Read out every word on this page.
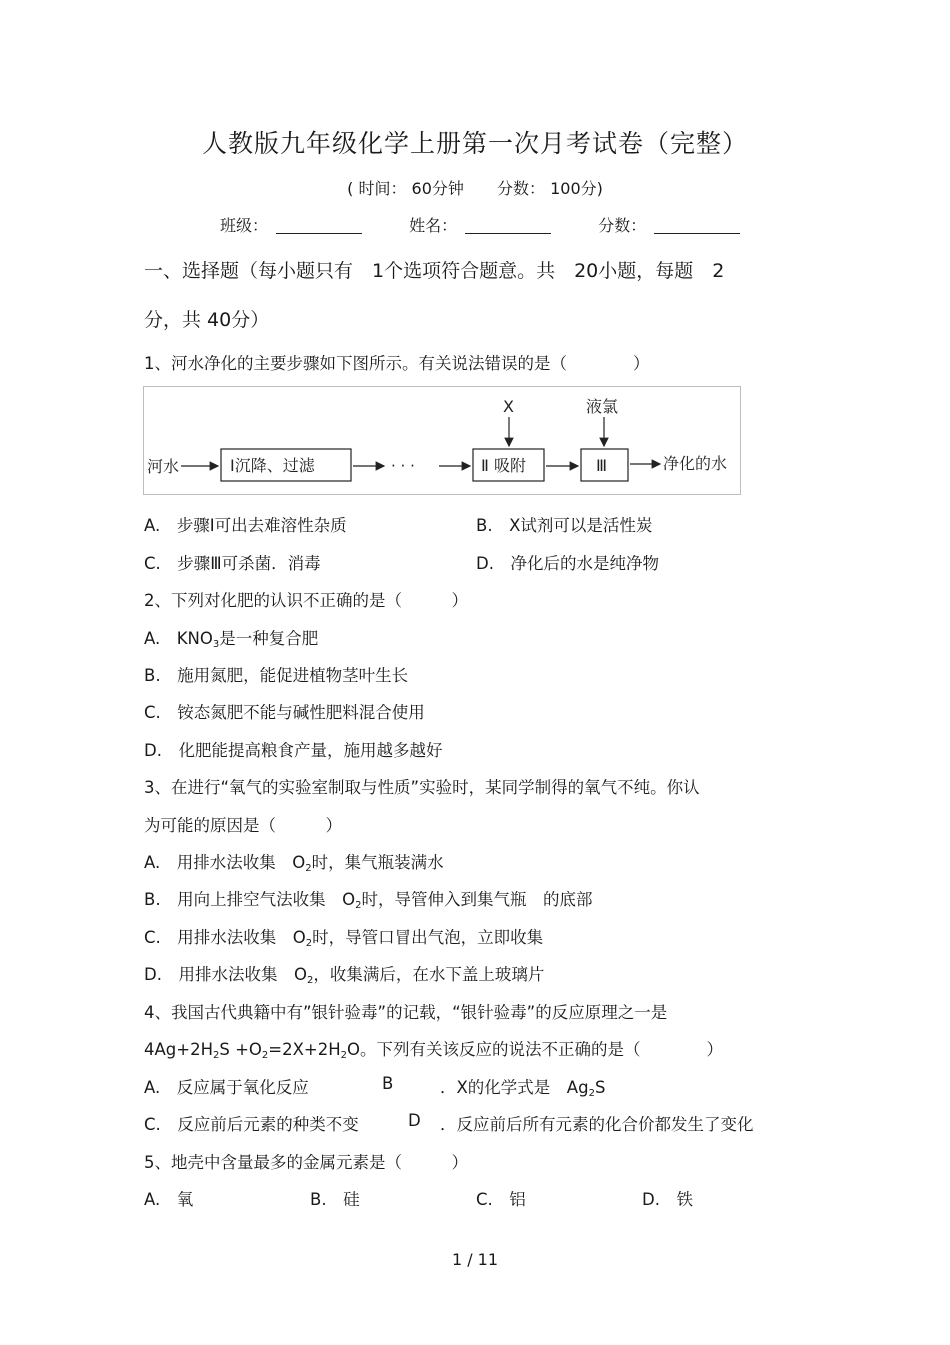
人教版九年级化学上册第一次月考试卷（完整）
( 时间： 60分钟 分数： 100分)
班级：	姓名：	分数：
一、选择题（每小题只有　1个选项符合题意。共　20小题，每题　2
分，共 40分）
1、河水净化的主要步骤如下图所示。有关说法错误的是（　　　　）
河水	Ⅰ沉降、过滤	· · ·	Ⅱ 吸附
X
Ⅲ
液氯
净化的水
A.　步骤Ⅰ可出去难溶性杂质	B.　X试剂可以是活性炭
C.　步骤Ⅲ可杀菌．消毒	D.　净化后的水是纯净物
2、下列对化肥的认识不正确的是（　　　）
A.　$KNO_3$是一种复合肥
B.　施用氮肥，能促进植物茎叶生长
C.　铵态氮肥不能与碱性肥料混合使用
D.　化肥能提高粮食产量，施用越多越好
3、在进行“氧气的实验室制取与性质”实验时，某同学制得的氧气不纯。你认
为可能的原因是（　　　）
A.　用排水法收集　$O_2$时，集气瓶装满水
B.　用向上排空气法收集　$O_2$时，导管伸入到集气瓶　的底部
C.　用排水法收集　$O_2$时，导管口冒出气泡，立即收集
D.　用排水法收集　$O_2$，收集满后，在水下盖上玻璃片
4、我国古代典籍中有”银针验毒”的记载，“银针验毒”的反应原理之一是
$4Ag+2H_2S +O_2=2X+2H_2O$。下列有关该反应的说法不正确的是（　　　　）
A.　反应属于氧化反应	B	．X的化学式是　$Ag_2S$
C.　反应前后元素的种类不变	D ．反应前后所有元素的化合价都发生了变化
5、地壳中含量最多的金属元素是（　　　）
A.　氧	B.　硅	C.　铝	D.　铁
1 / 11
